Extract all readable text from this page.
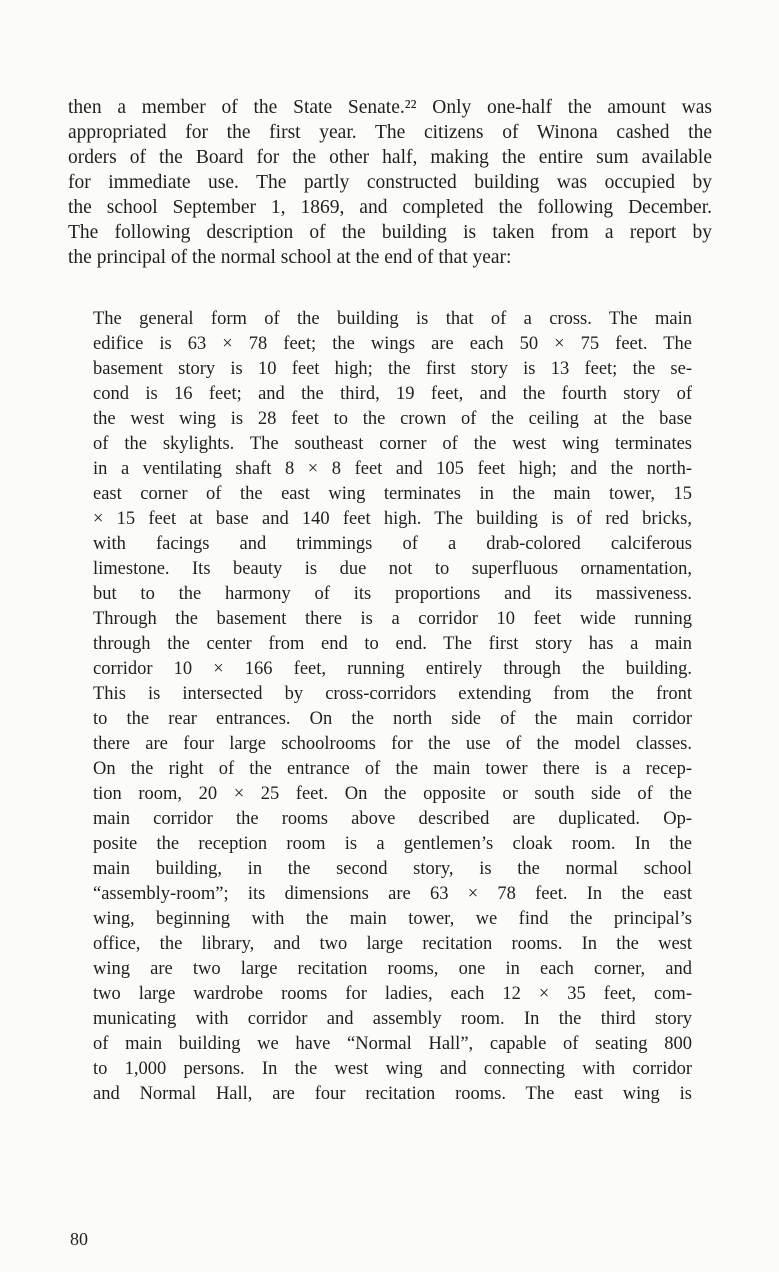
then a member of the State Senate.²² Only one-half the amount was
appropriated for the first year. The citizens of Winona cashed the
orders of the Board for the other half, making the entire sum available
for immediate use. The partly constructed building was occupied by
the school September 1, 1869, and completed the following December.
The following description of the building is taken from a report by
the principal of the normal school at the end of that year:
The general form of the building is that of a cross. The main
edifice is 63 × 78 feet; the wings are each 50 × 75 feet. The
basement story is 10 feet high; the first story is 13 feet; the se-
cond is 16 feet; and the third, 19 feet, and the fourth story of
the west wing is 28 feet to the crown of the ceiling at the base
of the skylights. The southeast corner of the west wing terminates
in a ventilating shaft 8 × 8 feet and 105 feet high; and the north-
east corner of the east wing terminates in the main tower, 15
× 15 feet at base and 140 feet high. The building is of red bricks,
with facings and trimmings of a drab-colored calciferous
limestone. Its beauty is due not to superfluous ornamentation,
but to the harmony of its proportions and its massiveness.
Through the basement there is a corridor 10 feet wide running
through the center from end to end. The first story has a main
corridor 10 × 166 feet, running entirely through the building.
This is intersected by cross-corridors extending from the front
to the rear entrances. On the north side of the main corridor
there are four large schoolrooms for the use of the model classes.
On the right of the entrance of the main tower there is a recep-
tion room, 20 × 25 feet. On the opposite or south side of the
main corridor the rooms above described are duplicated. Op-
posite the reception room is a gentlemen’s cloak room. In the
main building, in the second story, is the normal school
“assembly-room”; its dimensions are 63 × 78 feet. In the east
wing, beginning with the main tower, we find the principal’s
office, the library, and two large recitation rooms. In the west
wing are two large recitation rooms, one in each corner, and
two large wardrobe rooms for ladies, each 12 × 35 feet, com-
municating with corridor and assembly room. In the third story
of main building we have “Normal Hall”, capable of seating 800
to 1,000 persons. In the west wing and connecting with corridor
and Normal Hall, are four recitation rooms. The east wing is
80
